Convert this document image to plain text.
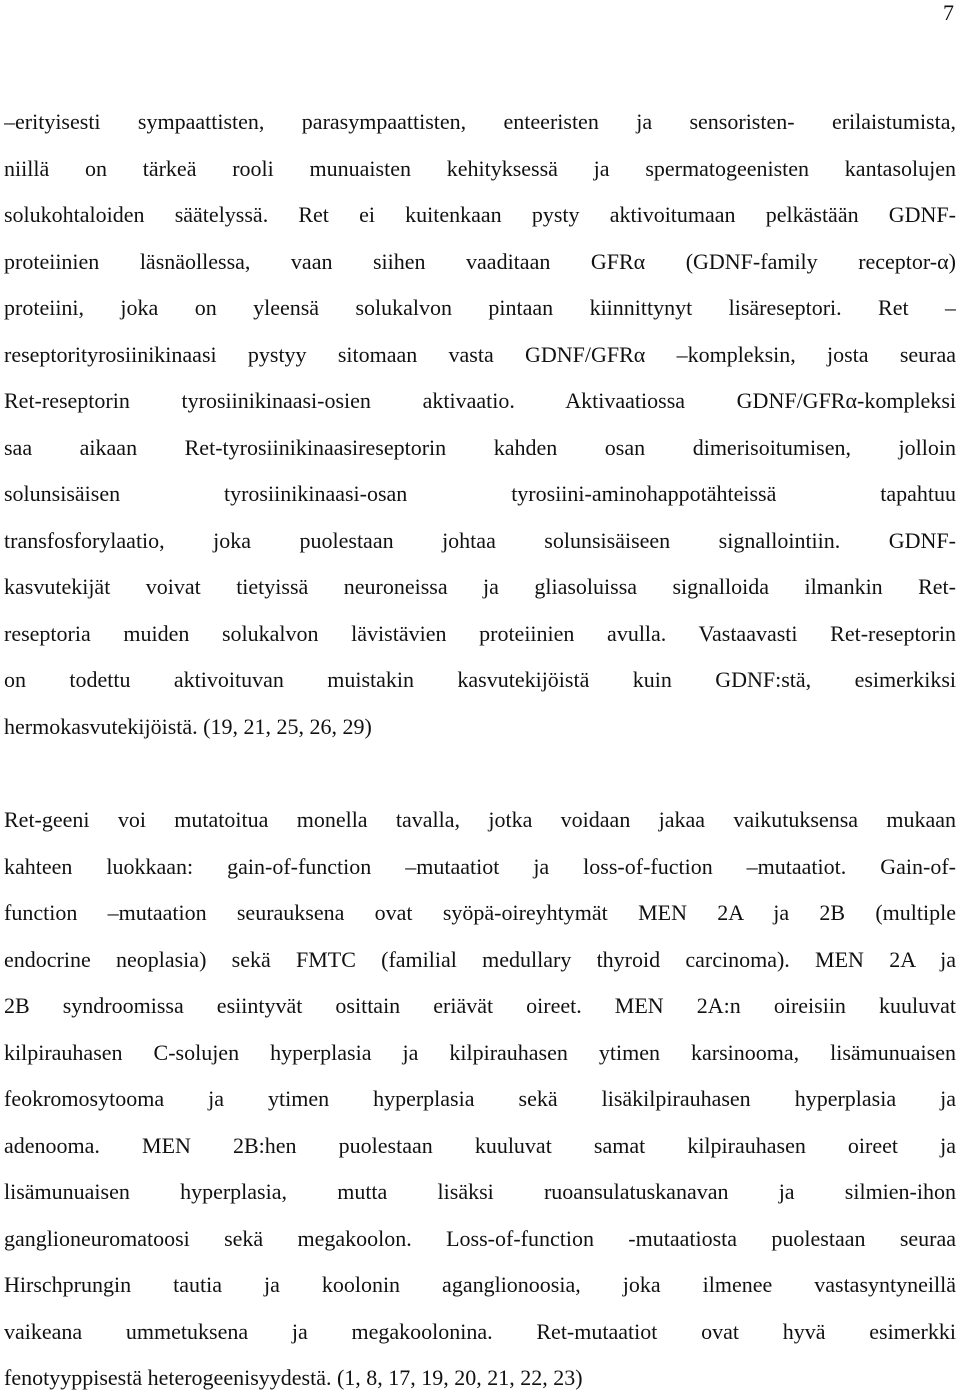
7
–erityisesti sympaattisten, parasympaattisten, enteeristen ja sensoristen- erilaistumista,
niillä on tärkeä rooli munuaisten kehityksessä ja spermatogeenisten kantasolujen
solukohtaloiden säätelyssä. Ret ei kuitenkaan pysty aktivoitumaan pelkästään GDNF-
proteiinien läsnäollessa, vaan siihen vaaditaan GFRα (GDNF-family receptor-α)
proteiini, joka on yleensä solukalvon pintaan kiinnittynyt lisäreseptori. Ret –
reseptorityrosiinikinaasi pystyy sitomaan vasta GDNF/GFRα –kompleksin, josta seuraa
Ret-reseptorin tyrosiinikinaasi-osien aktivaatio. Aktivaatiossa GDNF/GFRα-kompleksi
saa aikaan Ret-tyrosiinikinaasireseptorin kahden osan dimerisoitumisen, jolloin
solunsisäisen tyrosiinikinaasi-osan tyrosiini-aminohappotähteissä tapahtuu
transfosforylaatio, joka puolestaan johtaa solunsisäiseen signallointiin. GDNF-
kasvutekijät voivat tietyissä neuroneissa ja gliasoluissa signalloida ilmankin Ret-
reseptoria muiden solukalvon lävistävien proteiinien avulla. Vastaavasti Ret-reseptorin
on todettu aktivoituvan muistakin kasvutekijöistä kuin GDNF:stä, esimerkiksi
hermokasvutekijöistä. (19, 21, 25, 26, 29)
Ret-geeni voi mutatoitua monella tavalla, jotka voidaan jakaa vaikutuksensa mukaan
kahteen luokkaan: gain-of-function –mutaatiot ja loss-of-fuction –mutaatiot. Gain-of-
function –mutaation seurauksena ovat syöpä-oireyhtymät MEN 2A ja 2B (multiple
endocrine neoplasia) sekä FMTC (familial medullary thyroid carcinoma). MEN 2A ja
2B syndroomissa esiintyvät osittain eriävät oireet. MEN 2A:n oireisiin kuuluvat
kilpirauhasen C-solujen hyperplasia ja kilpirauhasen ytimen karsinooma, lisämunuaisen
feokromosytooma ja ytimen hyperplasia sekä lisäkilpirauhasen hyperplasia ja
adenooma. MEN 2B:hen puolestaan kuuluvat samat kilpirauhasen oireet ja
lisämunuaisen hyperplasia, mutta lisäksi ruoansulatuskanavan ja silmien-ihon
ganglioneuromatoosi sekä megakoolon. Loss-of-function -mutaatiosta puolestaan seuraa
Hirschprungin tautia ja koolonin aganglionoosia, joka ilmenee vastasyntyneillä
vaikeana ummetuksena ja megakoolonina. Ret-mutaatiot ovat hyvä esimerkki
fenotyyppisestä heterogeenisyydestä. (1, 8, 17, 19, 20, 21, 22, 23)
